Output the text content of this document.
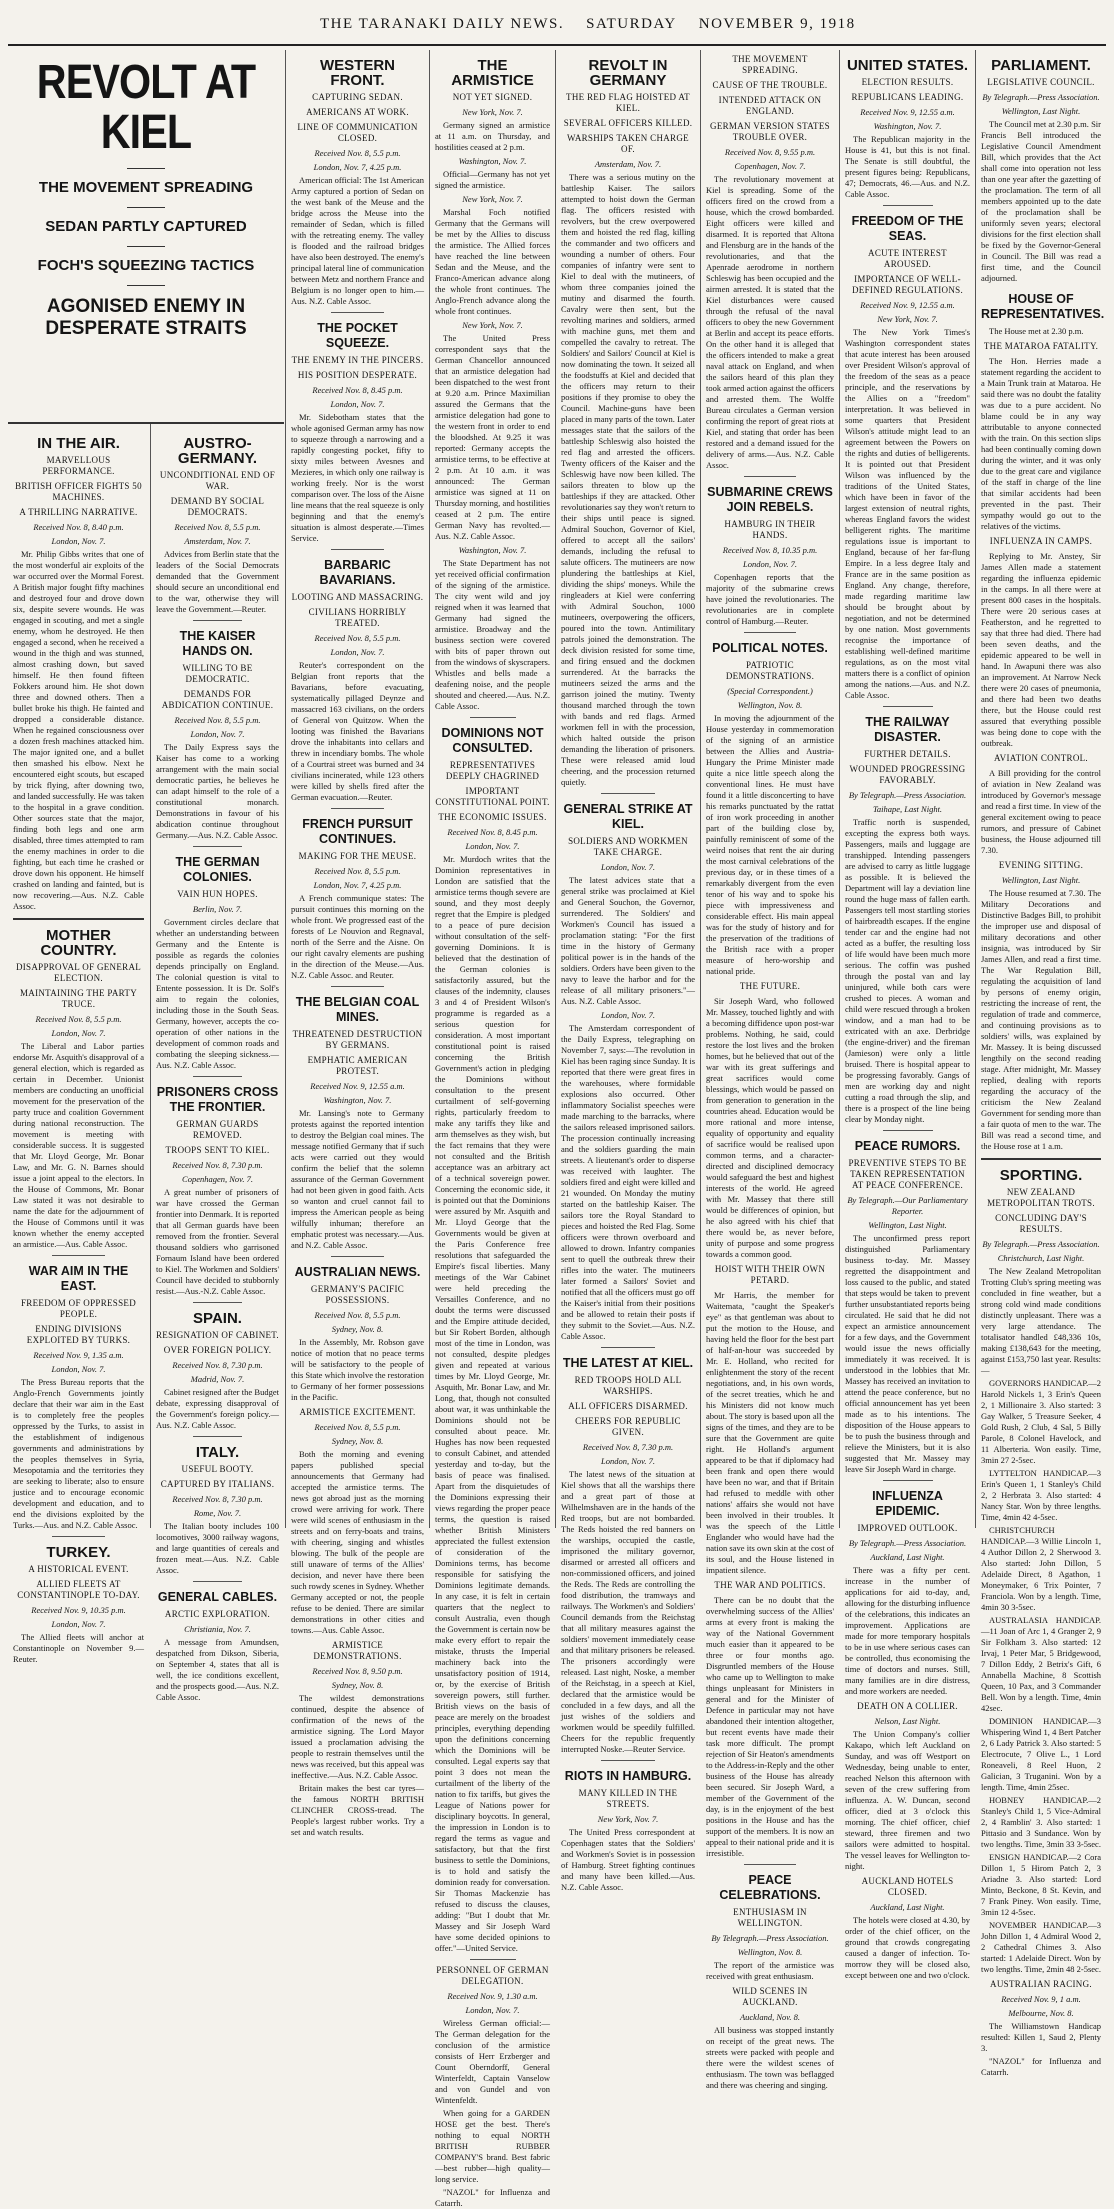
THE TARANAKI DAILY NEWS. SATURDAY NOVEMBER 9, 1918
REVOLT AT KIEL
THE MOVEMENT SPREADING
SEDAN PARTLY CAPTURED
FOCH'S SQUEEZING TACTICS
AGONISED ENEMY IN DESPERATE STRAITS
IN THE AIR.
MARVELLOUS PERFORMANCE.
BRITISH OFFICER FIGHTS 50 MACHINES.
A THRILLING NARRATIVE.
Received Nov. 8, 8.40 p.m.
London, Nov. 7.

Mr. Philip Gibbs writes that one of the most wonderful air exploits of the war occurred over the Mormal Forest. A British major fought fifty machines and destroyed four and drove down six, despite severe wounds. He was engaged in scouting, and met a single enemy, whom he destroyed. He then engaged a second, when he received a wound in the thigh and was stunned, almost crashing down, but saved himself. He then found fifteen Fokkers around him. He shot down three and downed others. Then a bullet broke his thigh. He fainted and dropped a considerable distance. When he regained consciousness over a dozen fresh machines attacked him. The major ignited one, and a bullet then smashed his elbow. Next he encountered eight scouts, but escaped by trick flying, after downing two, and landed successfully. He was taken to the hospital in a grave condition. Other sources state that the major, finding both legs and one arm disabled, three times attempted to ram the enemy machines in order to die fighting, but each time he crashed or drove down his opponent. He himself crashed on landing and fainted, but is now recovering.—Aus. N.Z. Cable Assoc.

MOTHER COUNTRY.
DISAPPROVAL OF GENERAL ELECTION.
MAINTAINING THE PARTY TRUCE.
Received Nov. 8, 5.5 p.m.
London, Nov. 7.

The Liberal and Labor parties endorse Mr. Asquith's disapproval of a general election, which is regarded as certain in December. Unionist members are conducting an unofficial movement for the preservation of the party truce and coalition Government during national reconstruction. The movement is meeting with considerable success. It is suggested that Mr. Lloyd George, Mr. Bonar Law, and Mr. G. N. Barnes should issue a joint appeal to the electors. In the House of Commons, Mr. Bonar Law stated it was not desirable to name the date for the adjournment of the House of Commons until it was known whether the enemy accepted an armistice.—Aus. Cable Assoc.

WAR AIM IN THE EAST.
FREEDOM OF OPPRESSED PEOPLE.
ENDING DIVISIONS EXPLOITED BY TURKS.
Received Nov. 9, 1.35 a.m.
London, Nov. 7.

The Press Bureau reports that the Anglo-French Governments jointly declare that their war aim in the East is to completely free the peoples oppressed by the Turks, to assist in the establishment of indigenous governments and administrations by the peoples themselves in Syria, Mesopotamia and the territories they are seeking to liberate; also to ensure justice and to encourage economic development and education, and to end the divisions exploited by the Turks.—Aus. and N.Z. Cable Assoc.

TURKEY.
A HISTORICAL EVENT.
ALLIED FLEETS AT CONSTANTINOPLE TO-DAY.
Received Nov. 9, 10.35 p.m.
London, Nov. 7.

The Allied fleets will anchor at Constantinople on November 9.—Reuter.

AUSTRO-GERMANY.
UNCONDITIONAL END OF WAR.
DEMAND BY SOCIAL DEMOCRATS.
Received Nov. 8, 5.5 p.m.
Amsterdam, Nov. 7.

Advices from Berlin state that the leaders of the Social Democrats demanded that the Government should secure an unconditional end to the war, otherwise they will leave the Government.—Reuter.

THE KAISER HANDS ON.
WILLING TO BE DEMOCRATIC.
DEMANDS FOR ABDICATION CONTINUE.
Received Nov. 8, 5.5 p.m.
London, Nov. 7.

The Daily Express says the Kaiser has come to a working arrangement with the main social democratic parties, he believes he can adapt himself to the role of a constitutional monarch. Demonstrations in favour of his abdication continue throughout Germany.—Aus. N.Z. Cable Assoc.

THE GERMAN COLONIES.
VAIN HUN HOPES.
Berlin, Nov. 7.

Government circles declare that whether an understanding between Germany and the Entente is possible as regards the colonies depends principally on England. The colonial question is vital to Entente possession. It is Dr. Solf's aim to regain the colonies, including those in the South Seas. Germany, however, accepts the co-operation of other nations in the development of common roads and combating the sleeping sickness.—Aus. N.Z. Cable Assoc.

PRISONERS CROSS THE FRONTIER.
GERMAN GUARDS REMOVED.
TROOPS SENT TO KIEL.
Received Nov. 8, 7.30 p.m.
Copenhagen, Nov. 7.

A great number of prisoners of war have crossed the German frontier into Denmark. It is reported that all German guards have been removed from the frontier. Several thousand soldiers who garrisoned Fornaum Island have been ordered to Kiel. The Workmen and Soldiers' Council have decided to stubbornly resist.—Aus.-N.Z. Cable Assoc.

SPAIN.
RESIGNATION OF CABINET.
OVER FOREIGN POLICY.
Received Nov. 8, 7.30 p.m.
Madrid, Nov. 7.

Cabinet resigned after the Budget debate, expressing disapproval of the Government's foreign policy.—Aus. N.Z. Cable Assoc.

ITALY.
USEFUL BOOTY.
CAPTURED BY ITALIANS.
Received Nov. 8, 7.30 p.m.
Rome, Nov. 7.

The Italian booty includes 100 locomotives, 3000 railway wagons, and large quantities of cereals and frozen meat.—Aus. N.Z. Cable Assoc.

GENERAL CABLES.
ARCTIC EXPLORATION.
Christiania, Nov. 7.

A message from Amundsen, despatched from Dikson, Siberia, on September 4, states that all is well, the ice conditions excellent, and the prospects good.—Aus. N.Z. Cable Assoc.

WESTERN FRONT.
CAPTURING SEDAN.
AMERICANS AT WORK.
LINE OF COMMUNICATION CLOSED.
Received Nov. 8, 5.5 p.m.
London, Nov. 7, 4.25 p.m.

American official: The 1st American Army captured a portion of Sedan on the west bank of the Meuse and the bridge across the Meuse into the remainder of Sedan, which is filled with the retreating enemy. The valley is flooded and the railroad bridges have also been destroyed. The enemy's principal lateral line of communication between Metz and northern France and Belgium is no longer open to him.—Aus. N.Z. Cable Assoc.

THE POCKET SQUEEZE.
THE ENEMY IN THE PINCERS.
HIS POSITION DESPERATE.
Received Nov. 8, 8.45 p.m.
London, Nov. 7.

Mr. Sidebotham states that the whole agonised German army has now to squeeze through a narrowing and a rapidly congesting pocket, fifty to sixty miles between Avesnes and Mezieres, in which only one railway is working freely. Nor is the worst comparison over. The loss of the Aisne line means that the real squeeze is only beginning and that the enemy's situation is almost desperate.—Times Service.

BARBARIC BAVARIANS.
LOOTING AND MASSACRING.
CIVILIANS HORRIBLY TREATED.
Received Nov. 8, 5.5 p.m.
London, Nov. 7.

Reuter's correspondent on the Belgian front reports that the Bavarians, before evacuating, systematically pillaged Deynze and massacred 163 civilians, on the orders of General von Quitzow. When the looting was finished the Bavarians drove the inhabitants into cellars and threw in incendiary bombs. The whole of a Courtrai street was burned and 34 civilians incinerated, while 123 others were killed by shells fired after the German evacuation.—Reuter.

FRENCH PURSUIT CONTINUES.
MAKING FOR THE MEUSE.
Received Nov. 8, 5.5 p.m.
London, Nov. 7, 4.25 p.m.

A French communique states: The pursuit continues this morning on the whole front. We progressed east of the forests of Le Nouvion and Regnaval, north of the Serre and the Aisne. On our right cavalry elements are pushing in the direction of the Meuse.—Aus. N.Z. Cable Assoc. and Reuter.

THE BELGIAN COAL MINES.
THREATENED DESTRUCTION BY GERMANS.
EMPHATIC AMERICAN PROTEST.
Received Nov. 9, 12.55 a.m.
Washington, Nov. 7.

Mr. Lansing's note to Germany protests against the reported intention to destroy the Belgian coal mines. The message notified Germany that if such acts were carried out they would confirm the belief that the solemn assurance of the German Government had not been given in good faith. Acts so wanton and cruel cannot fail to impress the American people as being wilfully inhuman; therefore an emphatic protest was necessary.—Aus. and N.Z. Cable Assoc.

AUSTRALIAN NEWS.
GERMANY'S PACIFIC POSSESSIONS.
Received Nov. 8, 5.5 p.m.
Sydney, Nov. 8.

In the Assembly, Mr. Robson gave notice of motion that no peace terms will be satisfactory to the people of this State which involve the restoration to Germany of her former possessions in the Pacific.

ARMISTICE EXCITEMENT.
Received Nov. 8, 5.5 p.m.
Sydney, Nov. 8.

Both the morning and evening papers published special announcements that Germany had accepted the armistice terms. The news got abroad just as the morning crowd were arriving for work. There were wild scenes of enthusiasm in the streets and on ferry-boats and trains, with cheering, singing and whistles blowing. The bulk of the people are still unaware of terms of the Allies' decision, and never have there been such rowdy scenes in Sydney. Whether Germany accepted or not, the people refuse to be denied. There are similar demonstrations in other cities and towns.—Aus. Cable Assoc.

ARMISTICE DEMONSTRATIONS.
Received Nov. 8, 9.50 p.m.
Sydney, Nov. 8.

The wildest demonstrations continued, despite the absence of confirmation of the news of the armistice signing. The Lord Mayor issued a proclamation advising the people to restrain themselves until the news was received, but this appeal was ineffective.—Aus. N.Z. Cable Assoc.

Britain makes the best car tyres—the famous NORTH BRITISH CLINCHER CROSS-tread. The People's largest rubber works. Try a set and watch results.

THE ARMISTICE
NOT YET SIGNED.
New York, Nov. 7.

Germany signed an armistice at 11 a.m. on Thursday, and hostilities ceased at 2 p.m.

Washington, Nov. 7.

Official—Germany has not yet signed the armistice.

New York, Nov. 7.

Marshal Foch notified Germany that the Germans will be met by the Allies to discuss the armistice. The Allied forces have reached the line between Sedan and the Meuse, and the Franco-American advance along the whole front continues. The Anglo-French advance along the whole front continues.

New York, Nov. 7.

The United Press correspondent says that the German Chancellor announced that an armistice delegation had been dispatched to the west front at 9.20 a.m. Prince Maximilian assured the Germans that the armistice delegation had gone to the western front in order to end the bloodshed. At 9.25 it was reported: Germany accepts the armistice terms, to be effective at 2 p.m. At 10 a.m. it was announced: The German armistice was signed at 11 on Thursday morning, and hostilities ceased at 2 p.m. The entire German Navy has revolted.—Aus. N.Z. Cable Assoc.

Washington, Nov. 7.

The State Department has not yet received official confirmation of the signing of the armistice. The city went wild and joy reigned when it was learned that Germany had signed the armistice. Broadway and the business section were covered with bits of paper thrown out from the windows of skyscrapers. Whistles and bells made a deafening noise, and the people shouted and cheered.—Aus. N.Z. Cable Assoc.

DOMINIONS NOT CONSULTED.
REPRESENTATIVES DEEPLY CHAGRINED
IMPORTANT CONSTITUTIONAL POINT.
THE ECONOMIC ISSUES.
Received Nov. 8, 8.45 p.m.
London, Nov. 7.

Mr. Murdoch writes that the Dominion representatives in London are satisfied that the armistice terms though severe are sound, and they most deeply regret that the Empire is pledged to a peace of pure decision without consultation of the self-governing Dominions. It is believed that the destination of the German colonies is satisfactorily assured, but the clauses of the indemnity, clauses 3 and 4 of President Wilson's programme is regarded as a serious question for consideration. A most important constitutional point is raised concerning the British Government's action in pledging the Dominions without consultation to the present curtailment of self-governing rights, particularly freedom to make any tariffs they like and arm themselves as they wish, but the fact remains that they were not consulted and the British acceptance was an arbitrary act of a technical sovereign power. Concerning the economic side, it is pointed out that the Dominions were assured by Mr. Asquith and Mr. Lloyd George that the Governments would be given at the Paris Conference free resolutions that safeguarded the Empire's fiscal liberties. Many meetings of the War Cabinet were held preceding the Versailles Conference, and no doubt the terms were discussed and the Empire attitude decided, but Sir Robert Borden, although most of the time in London, was not consulted, despite pledges given and repeated at various times by Mr. Lloyd George, Mr. Asquith, Mr. Bonar Law, and Mr. Long, that, though not consulted about war, it was unthinkable the Dominions should not be consulted about peace. Mr. Hughes has now been requested to consult Cabinet, and attended yesterday and to-day, but the basis of peace was finalised. Apart from the disquietudes of the Dominions expressing their views regarding the proper peace terms, the question is raised whether British Ministers appreciated the fullest extension of consideration of the Dominions terms, has become responsible for satisfying the Dominions legitimate demands. In any case, it is felt in certain quarters that the neglect to consult Australia, even though the Government is certain now be make every effort to repair the mistake, thrusts the Imperial machinery back into the unsatisfactory position of 1914, or, by the exercise of British sovereign powers, still further. British views on the basis of peace are merely on the broadest principles, everything depending upon the definitions concerning which the Dominions will be consulted. Legal experts say that point 3 does not mean the curtailment of the liberty of the nation to fix tariffs, but gives the League of Nations power for disciplinary boycotts. In general, the impression in London is to regard the terms as vague and satisfactory, but that the first business to settle the Dominions, is to hold and satisfy the dominion ready for conversation. Sir Thomas Mackenzie has refused to discuss the clauses, adding: "But I doubt that Mr. Massey and Sir Joseph Ward have some decided opinions to offer."—United Service.

PERSONNEL OF GERMAN DELEGATION.
Received Nov. 9, 1.30 a.m.
London, Nov. 7.

Wireless German official:—The German delegation for the conclusion of the armistice consists of Herr Erzberger and Count Oberndorff, General Winterfeldt, Captain Vanselow and von Gundel and von Wintenfeldt.

When going for a GARDEN HOSE get the best. There's nothing to equal NORTH BRITISH RUBBER COMPANY'S brand. Best fabric—best rubber—high quality—long service.

"NAZOL" for Influenza and Catarrh.

REVOLT IN GERMANY
THE RED FLAG HOISTED AT KIEL.
SEVERAL OFFICERS KILLED.
WARSHIPS TAKEN CHARGE OF.
Amsterdam, Nov. 7.

There was a serious mutiny on the battleship Kaiser. The sailors attempted to hoist down the German flag. The officers resisted with revolvers, but the crew overpowered them and hoisted the red flag, killing the commander and two officers and wounding a number of others. Four companies of infantry were sent to Kiel to deal with the mutineers, of whom three companies joined the mutiny and disarmed the fourth. Cavalry were then sent, but the revolting marines and soldiers, armed with machine guns, met them and compelled the cavalry to retreat. The Soldiers' and Sailors' Council at Kiel is now dominating the town. It seized all the foodstuffs at Kiel and decided that the officers may return to their positions if they promise to obey the Council. Machine-guns have been placed in many parts of the town. Later messages state that the sailors of the battleship Schleswig also hoisted the red flag and arrested the officers. Twenty officers of the Kaiser and the Schleswig have now been killed. The sailors threaten to blow up the battleships if they are attacked. Other revolutionaries say they won't return to their ships until peace is signed. Admiral Souchon, Governor of Kiel, offered to accept all the sailors' demands, including the refusal to salute officers. The mutineers are now plundering the battleships at Kiel, dividing the ships' moneys. While the ringleaders at Kiel were conferring with Admiral Souchon, 1000 mutineers, overpowering the officers, poured into the town. Antimilitary patrols joined the demonstration. The deck division resisted for some time, and firing ensued and the dockmen surrendered. At the barracks the mutineers seized the arms and the garrison joined the mutiny. Twenty thousand marched through the town with bands and red flags. Armed workmen fell in with the procession, which halted outside the prison demanding the liberation of prisoners. These were released amid loud cheering, and the procession returned quietly.

GENERAL STRIKE AT KIEL.
SOLDIERS AND WORKMEN TAKE CHARGE.
London, Nov. 7.

The latest advices state that a general strike was proclaimed at Kiel and General Souchon, the Governor, surrendered. The Soldiers' and Workmen's Council has issued a proclamation stating: "For the first time in the history of Germany political power is in the hands of the soldiers. Orders have been given to the navy to leave the harbor and for the release of all military prisoners."—Aus. N.Z. Cable Assoc.

London, Nov. 7.

The Amsterdam correspondent of the Daily Express, telegraphing on November 7, says:—The revolution in Kiel has been raging since Sunday. It is reported that there were great fires in the warehouses, where formidable explosions also occurred. Other inflammatory Socialist speeches were made marching to the barracks, where the sailors released imprisoned sailors. The procession continually increasing and the soldiers guarding the main streets. A lieutenant's order to disperse was received with laughter. The soldiers fired and eight were killed and 21 wounded. On Monday the mutiny started on the battleship Kaiser. The sailors tore the Royal Standard to pieces and hoisted the Red Flag. Some officers were thrown overboard and allowed to drown. Infantry companies sent to quell the outbreak threw their rifles into the water. The mutineers later formed a Sailors' Soviet and notified that all the officers must go off the Kaiser's initial from their positions and be allowed to retain their posts if they submit to the Soviet.—Aus. N.Z. Cable Assoc.

THE LATEST AT KIEL.
RED TROOPS HOLD ALL WARSHIPS.
ALL OFFICERS DISARMED.
CHEERS FOR REPUBLIC GIVEN.
Received Nov. 8, 7.30 p.m.
London, Nov. 7.

The latest news of the situation at Kiel shows that all the warships there and a great part of those at Wilhelmshaven are in the hands of the Red troops, but are not bombarded. The Reds hoisted the red banners on the warships, occupied the castle, imprisoned the military governor, disarmed or arrested all officers and non-commissioned officers, and joined the Reds. The Reds are controlling the food distribution, the tramways and railways. The Workmen's and Soldiers' Council demands from the Reichstag that all military measures against the soldiers' movement immediately cease and that military prisoners be released. The prisoners accordingly were released. Last night, Noske, a member of the Reichstag, in a speech at Kiel, declared that the armistice would be concluded in a few days, and all the just wishes of the soldiers and workmen would be speedily fulfilled. Cheers for the republic frequently interrupted Noske.—Reuter Service.

RIOTS IN HAMBURG.
MANY KILLED IN THE STREETS.
New York, Nov. 7.

The United Press correspondent at Copenhagen states that the Soldiers' and Workmen's Soviet is in possession of Hamburg. Street fighting continues and many have been killed.—Aus. N.Z. Cable Assoc.

THE MOVEMENT SPREADING.
CAUSE OF THE TROUBLE.
INTENDED ATTACK ON ENGLAND.
GERMAN VERSION STATES TROUBLE OVER.
Received Nov. 8, 9.55 p.m.
Copenhagen, Nov. 7.

The revolutionary movement at Kiel is spreading. Some of the officers fired on the crowd from a house, which the crowd bombarded. Eight officers were killed and disarmed. It is reported that Altona and Flensburg are in the hands of the revolutionaries, and that the Apenrade aerodrome in northern Schleswig has been occupied and the airmen arrested. It is stated that the Kiel disturbances were caused through the refusal of the naval officers to obey the new Government at Berlin and accept its peace efforts. On the other hand it is alleged that the officers intended to make a great naval attack on England, and when the sailors heard of this plan they took armed action against the officers and arrested them. The Wolffe Bureau circulates a German version confirming the report of great riots at Kiel, and stating that order has been restored and a demand issued for the delivery of arms.—Aus. N.Z. Cable Assoc.

SUBMARINE CREWS JOIN REBELS.
HAMBURG IN THEIR HANDS.
Received Nov. 8, 10.35 p.m.
London, Nov. 7.

Copenhagen reports that the majority of the submarine crews have joined the revolutionaries. The revolutionaries are in complete control of Hamburg.—Reuter.

POLITICAL NOTES.
PATRIOTIC DEMONSTRATIONS.
(Special Correspondent.)
Wellington, Nov. 8.

In moving the adjournment of the House yesterday in commemoration of the signing of an armistice between the Allies and Austria-Hungary the Prime Minister made quite a nice little speech along the conventional lines. He must have found it a little disconcerting to have his remarks punctuated by the rattat of iron work proceeding in another part of the building close by, painfully reminiscent of some of the weird noises that rent the air during the most carnival celebrations of the previous day, or in these times of a remarkably divergent from the even tenor of his way and to spoke his piece with impressiveness and considerable effect. His main appeal was for the study of history and for the preservation of the traditions of the British race with a proper measure of hero-worship and national pride.

THE FUTURE.

Sir Joseph Ward, who followed Mr. Massey, touched lightly and with a becoming diffidence upon post-war problems. Nothing, he said, could restore the lost lives and the broken homes, but he believed that out of the war with its great sufferings and great sacrifices would come blessings, which would be passed on from generation to generation in the countries ahead. Education would be more rational and more intense, equality of opportunity and equality of sacrifice would be realised upon common terms, and a character-directed and disciplined democracy would safeguard the best and highest interests of the world. He agreed with Mr. Massey that there still would be differences of opinion, but he also agreed with his chief that there would be, as never before, unity of purpose and some progress towards a common good.

HOIST WITH THEIR OWN PETARD.

Mr Harris, the member for Waitemata, "caught the Speaker's eye" as that gentleman was about to put the motion to the House, and having held the floor for the best part of half-an-hour was succeeded by Mr. E. Holland, who recited for enlightenment the story of the recent negotiations, and, in his own words, of the secret treaties, which he and his Ministers did not know much about. The story is based upon all the signs of the times, and they are to be sure that the Government are quite right. He Holland's argument appeared to be that if diplomacy had been frank and open there would have been no war, and that if Britain had refused to meddle with other nations' affairs she would not have been involved in their troubles. It was the speech of the Little Englander who would have had the nation save its own skin at the cost of its soul, and the House listened in impatient silence.

THE WAR AND POLITICS.

There can be no doubt that the overwhelming success of the Allies' arms at every front is making the way of the National Government much easier than it appeared to be three or four months ago. Disgruntled members of the House who came up to Wellington to make things unpleasant for Ministers in general and for the Minister of Defence in particular may not have abandoned their intention altogether, but recent events have made their task more difficult. The prompt rejection of Sir Heaton's amendments to the Address-in-Reply and the other business of the House has already been secured. Sir Joseph Ward, a member of the Government of the day, is in the enjoyment of the best positions in the House and has the support of the members. It is now an appeal to their national pride and it is irresistible.

PEACE CELEBRATIONS.
ENTHUSIASM IN WELLINGTON.
By Telegraph.—Press Association.
Wellington, Nov. 8.

The report of the armistice was received with great enthusiasm.

WILD SCENES IN AUCKLAND.
Auckland, Nov. 8.

All business was stopped instantly on receipt of the great news. The streets were packed with people and there were the wildest scenes of enthusiasm. The town was beflagged and there was cheering and singing.

UNITED STATES.
ELECTION RESULTS.
REPUBLICANS LEADING.
Received Nov. 9, 12.55 a.m.
Washington, Nov. 7.

The Republican majority in the House is 41, but this is not final. The Senate is still doubtful, the present figures being: Republicans, 47; Democrats, 46.—Aus. and N.Z. Cable Assoc.

FREEDOM OF THE SEAS.
ACUTE INTEREST AROUSED.
IMPORTANCE OF WELL-DEFINED REGULATIONS.
Received Nov. 9, 12.55 a.m.
New York, Nov. 7.

The New York Times's Washington correspondent states that acute interest has been aroused over President Wilson's approval of the freedom of the seas as a peace principle, and the reservations by the Allies on a "freedom" interpretation. It was believed in some quarters that President Wilson's attitude might lead to an agreement between the Powers on the rights and duties of belligerents. It is pointed out that President Wilson was influenced by the traditions of the United States, which have been in favor of the largest extension of neutral rights, whereas England favors the widest belligerent rights. The maritime regulations issue is important to England, because of her far-flung Empire. In a less degree Italy and France are in the same position as England. Any change, therefore, made regarding maritime law should be brought about by negotiation, and not be determined by one nation. Most governments recognise the importance of establishing well-defined maritime regulations, as on the most vital matters there is a conflict of opinion among the nations.—Aus. and N.Z. Cable Assoc.

THE RAILWAY DISASTER.
FURTHER DETAILS.
WOUNDED PROGRESSING FAVORABLY.
By Telegraph.—Press Association.
Taihape, Last Night.

Traffic north is suspended, excepting the express both ways. Passengers, mails and luggage are transhipped. Intending passengers are advised to carry as little luggage as possible. It is believed the Department will lay a deviation line round the huge mass of fallen earth. Passengers tell most startling stories of hairbreadth escapes. If the engine tender car and the engine had not acted as a buffer, the resulting loss of life would have been much more serious. The coffin was pushed through the postal van and lay uninjured, while both cars were crushed to pieces. A woman and child were rescued through a broken window, and a man had to be extricated with an axe. Derbridge (the engine-driver) and the fireman (Jamieson) were only a little bruised. There is hospital appear to be progressing favorably. Gangs of men are working day and night cutting a road through the slip, and there is a prospect of the line being clear by Monday night.

PEACE RUMORS.
PREVENTIVE STEPS TO BE TAKEN REPRESENTATION AT PEACE CONFERENCE.
By Telegraph.—Our Parliamentary Reporter.
Wellington, Last Night.

The unconfirmed press report distinguished Parliamentary business to-day. Mr. Massey regretted the disappointment and loss caused to the public, and stated that steps would be taken to prevent further unsubstantiated reports being circulated. He said that he did not expect an armistice announcement for a few days, and the Government would issue the news officially immediately it was received. It is understood in the lobbies that Mr. Massey has received an invitation to attend the peace conference, but no official announcement has yet been made as to his intentions. The disposition of the House appears to be to push the business through and relieve the Ministers, but it is also suggested that Mr. Massey may leave Sir Joseph Ward in charge.

INFLUENZA EPIDEMIC.
IMPROVED OUTLOOK.
By Telegraph.—Press Association.
Auckland, Last Night.

There was a fifty per cent. increase in the number of applications for aid to-day, and, allowing for the disturbing influence of the celebrations, this indicates an improvement. Applications are made for more temporary hospitals to be in use where serious cases can be controlled, thus economising the time of doctors and nurses. Still, many families are in dire distress, and more workers are needed.

DEATH ON A COLLIER.
Nelson, Last Night.

The Union Company's collier Kakapo, which left Auckland on Sunday, and was off Westport on Wednesday, being unable to enter, reached Nelson this afternoon with seven of the crew suffering from influenza. A. W. Duncan, second officer, died at 3 o'clock this morning. The chief officer, chief steward, three firemen and two sailors were admitted to hospital. The vessel leaves for Wellington to-night.

AUCKLAND HOTELS CLOSED.
Auckland, Last Night.

The hotels were closed at 4.30, by order of the chief officer, on the ground that crowds congregating caused a danger of infection. To-morrow they will be closed also, except between one and two o'clock.

PARLIAMENT.
LEGISLATIVE COUNCIL.
By Telegraph.—Press Association.
Wellington, Last Night.

The Council met at 2.30 p.m. Sir Francis Bell introduced the Legislative Council Amendment Bill, which provides that the Act shall come into operation not less than one year after the gazetting of the proclamation. The term of all members appointed up to the date of the proclamation shall be uniformly seven years; electoral divisions for the first election shall be fixed by the Governor-General in Council. The Bill was read a first time, and the Council adjourned.

HOUSE OF REPRESENTATIVES.

The House met at 2.30 p.m.

THE MATAROA FATALITY.

The Hon. Herries made a statement regarding the accident to a Main Trunk train at Mataroa. He said there was no doubt the fatality was due to a pure accident. No blame could be in any way attributable to anyone connected with the train. On this section slips had been continually coming down during the winter, and it was only due to the great care and vigilance of the staff in charge of the line that similar accidents had been prevented in the past. Their sympathy would go out to the relatives of the victims.

INFLUENZA IN CAMPS.

Replying to Mr. Anstey, Sir James Allen made a statement regarding the influenza epidemic in the camps. In all there were at present 800 cases in the hospitals. There were 20 serious cases at Featherston, and he regretted to say that three had died. There had been seven deaths, and the epidemic appeared to be well in hand. In Awapuni there was also an improvement. At Narrow Neck there were 20 cases of pneumonia, and there had been two deaths there, but the House could rest assured that everything possible was being done to cope with the outbreak.

AVIATION CONTROL.

A Bill providing for the control of aviation in New Zealand was introduced by Governor's message and read a first time. In view of the general excitement owing to peace rumors, and pressure of Cabinet business, the House adjourned till 7.30.

EVENING SITTING.
Wellington, Last Night.

The House resumed at 7.30. The Military Decorations and Distinctive Badges Bill, to prohibit the improper use and disposal of military decorations and other insignia, was introduced by Sir James Allen, and read a first time. The War Regulation Bill, regulating the acquisition of land by persons of enemy origin, restricting the increase of rent, the regulation of trade and commerce, and continuing provisions as to soldiers' wills, was explained by Mr. Massey. It is being discussed lengthily on the second reading stage. After midnight, Mr. Massey replied, dealing with reports regarding the accuracy of the criticism the New Zealand Government for sending more than a fair quota of men to the war. The Bill was read a second time, and the House rose at 1 a.m.

SPORTING.
NEW ZEALAND METROPOLITAN TROTS.
CONCLUDING DAY'S RESULTS.
By Telegraph.—Press Association.
Christchurch, Last Night.

The New Zealand Metropolitan Trotting Club's spring meeting was concluded in fine weather, but a strong cold wind made conditions distinctly unpleasant. There was a very large attendance. The totalisator handled £48,336 10s, making £138,643 for the meeting, against £153,750 last year. Results:—

GOVERNORS HANDICAP.—2 Harold Nickels 1, 3 Erin's Queen 2, 1 Millionaire 3. Also started: 3 Gay Walker, 5 Treasure Seeker, 4 Gold Rush, 2 Club, 4 Sal, 5 Billy Parole, 8 Colonel Havelock, and 11 Alberteria. Won easily. Time, 3min 27 2-5sec.

LYTTELTON HANDICAP.—3 Erin's Queen 1, 1 Stanley's Child 2, 2 Herbrata 3. Also started: 4 Nancy Star. Won by three lengths. Time, 4min 42 4-5sec.

CHRISTCHURCH HANDICAP.—3 Willie Lincoln 1, 4 Author Dillon 2, 2 Sherwood 3. Also started: John Dillon, 5 Adelaide Direct, 8 Agathon, 1 Moneymaker, 6 Trix Pointer, 7 Franciola. Won by a length. Time, 4min 30 3-5sec.

AUSTRALASIA HANDICAP.—11 Joan of Arc 1, 4 Granger 2, 9 Sir Folkham 3. Also started: 12 Irvaj, 1 Peter Mar, 5 Bridgewood, 7 Dillon Eddy, 2 Betrix's Gift, 6 Annabella Machine, 8 Scottish Queen, 10 Pax, and 3 Commander Bell. Won by a length. Time, 4min 42sec.

DOMINION HANDICAP.—3 Whispering Wind 1, 4 Bert Patcher 2, 6 Lady Patrick 3. Also started: 5 Electrocute, 7 Olive L., 1 Lord Roneaveli, 8 Reel Huon, 2 Galician, 3 Truganini. Won by a length. Time, 4min 25sec.

HOBNEY HANDICAP.—2 Stanley's Child 1, 5 Vice-Admiral 2, 4 Ramblin' 3. Also started: 1 Pittasio and 3 Sundance. Won by two lengths. Time, 3min 33 3-5sec.

ENSIGN HANDICAP.—2 Cora Dillon 1, 5 Hirom Patch 2, 3 Ariadne 3. Also started: Lord Minto, Beckone, 8 St. Kevin, and 7 Frank Piney. Won easily. Time, 3min 12 4-5sec.

NOVEMBER HANDICAP.—3 John Dillon 1, 4 Admiral Wood 2, 2 Cathedral Chimes 3. Also started: 1 Adelaide Direct. Won by two lengths. Time, 2min 48 2-5sec.

AUSTRALIAN RACING.
Received Nov. 9, 1 a.m.
Melbourne, Nov. 8.

The Williamstown Handicap resulted: Killen 1, Saud 2, Plenty 3.

"NAZOL" for Influenza and Catarrh.
